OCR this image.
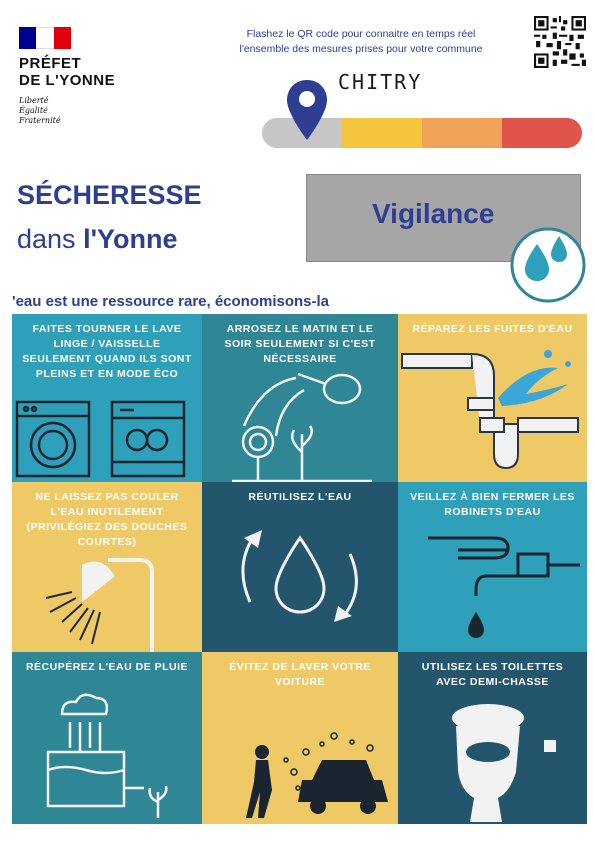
PRÉFET
DE L'YONNE
Liberté
Égalité
Fraternité
Flashez le QR code pour connaitre en temps réel
l'ensemble des mesures prises pour votre commune
CHITRY
SÉCHERESSE
dans l'Yonne
Vigilance
'eau est une ressource rare, économisons-la
FAITES TOURNER LE LAVE
LINGE / VAISSELLE
SEULEMENT QUAND ILS SONT
PLEINS ET EN MODE ÉCO
ARROSEZ LE MATIN ET LE
SOIR SEULEMENT SI C'EST
NÉCESSAIRE
RÉPAREZ LES FUITES D'EAU
NE LAISSEZ PAS COULER
L'EAU INUTILEMENT
(PRIVILÉGIEZ DES DOUCHES
COURTES)
RÉUTILISEZ L'EAU	VEILLEZ À BIEN FERMER LES
ROBINETS D'EAU
RÉCUPÉREZ L'EAU DE PLUIE	ÉVITEZ DE LAVER VOTRE
VOITURE
UTILISEZ LES TOILETTES
AVEC DEMI-CHASSE
